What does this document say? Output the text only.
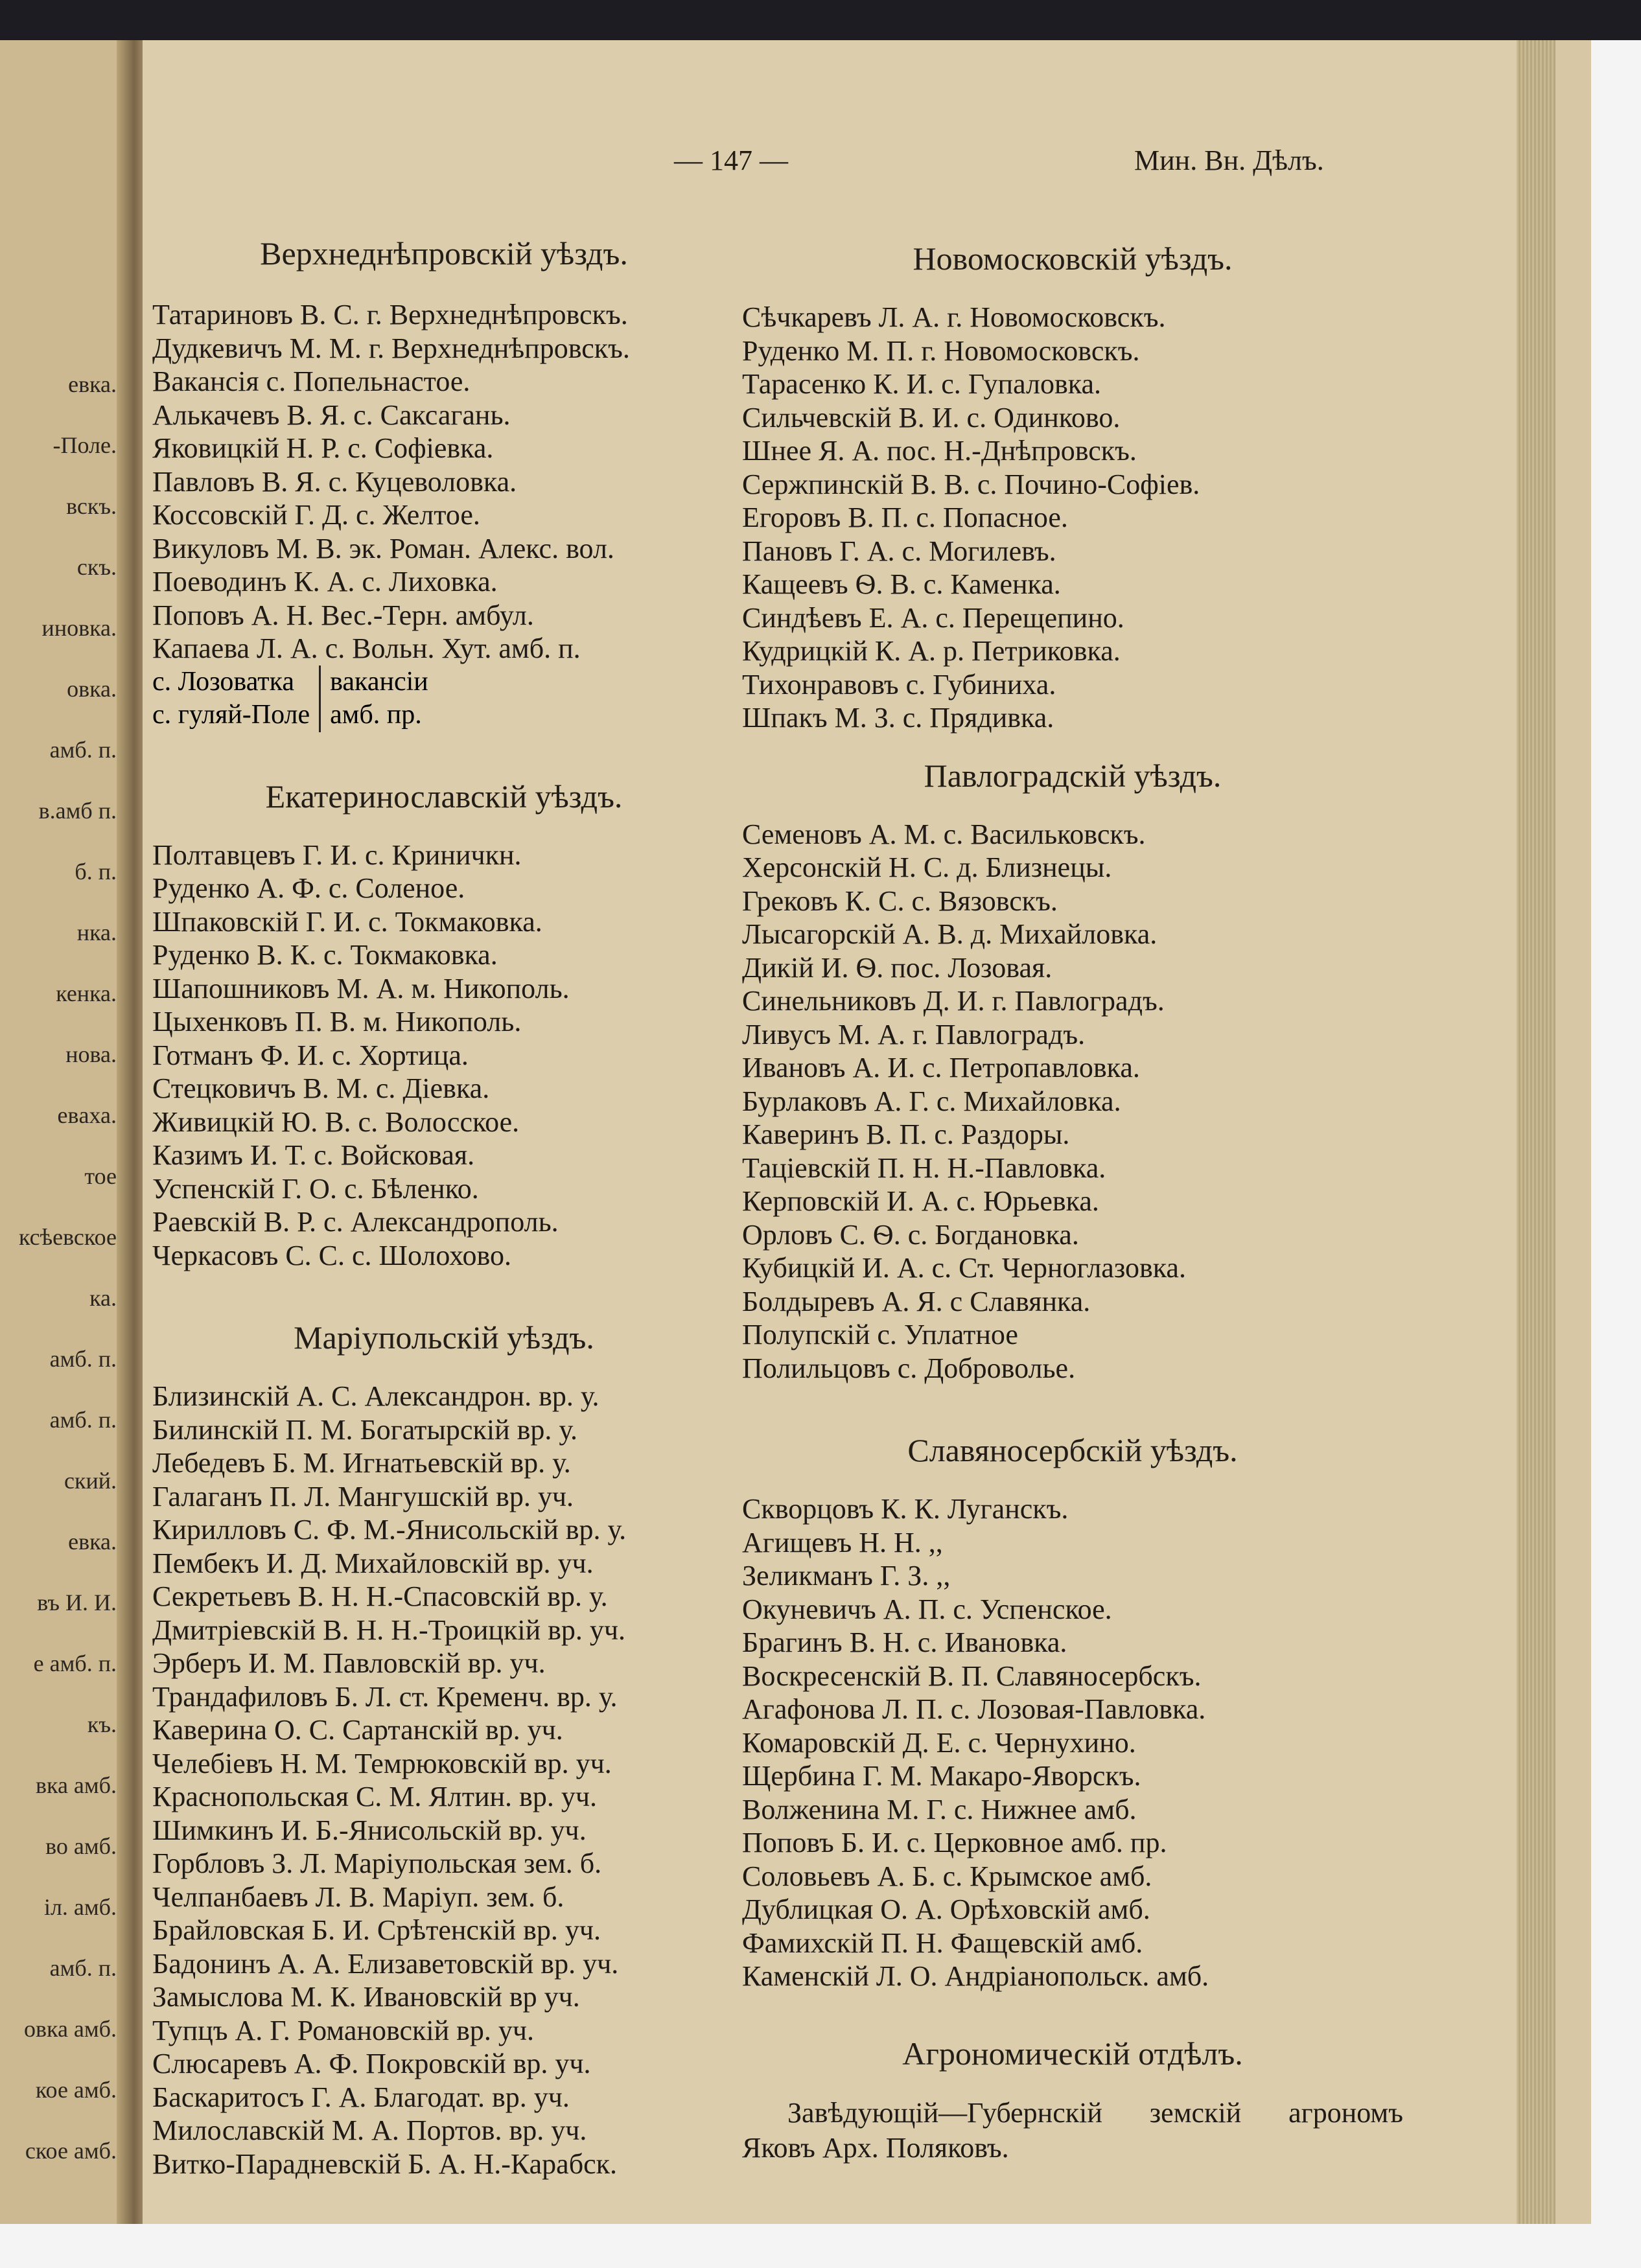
евка.
-Поле.
вскъ.
скъ.
иновка.
овка.
амб. п.
в.амб п.
б. п.
нка.
кенка.
нова.
евaха.
тое
ксѣевское
ка.
амб. п.
амб. п.
ский.
евка.
въ И. И.
е амб. п.
къ.
вка амб.
во амб.
іл. амб.
амб. п.
овка амб.
кое амб.
ское амб.
— 147 —	Мин. Вн. Дѣлъ.
Верхнеднѣпровскій уѣздъ.
Татариновъ В. С. г. Верхнеднѣпровскъ.
Дудкевичъ М. М. г. Верхнеднѣпровскъ.
Вакансія с. Попельнастое.
Алькачевъ В. Я. с. Саксагань.
Яковицкій Н. Р. с. Софіевка.
Павловъ В. Я. с. Куцеволовка.
Коссовскій Г. Д. с. Желтое.
Викуловъ М. В. эк. Роман. Алекс. вол.
Поеводинъ К. А. с. Лиховка.
Поповъ А. Н. Вес.-Терн. амбул.
Капаева Л. А. с. Вольн. Хут. амб. п.
с. Лозоватка
с. гуляй-Поле
вакансіи
амб. пр.
Екатеринославскій уѣздъ.
Полтавцевъ Г. И. с. Криничкн.
Руденко А. Ф. с. Соленое.
Шпаковскій Г. И. с. Токмаковка.
Руденко В. К. с. Токмаковка.
Шапошниковъ М. А. м. Никополь.
Цыхенковъ П. В. м. Никополь.
Готманъ Ф. И. с. Хортица.
Стецковичъ В. М. с. Діевка.
Живицкій Ю. В. с. Волосское.
Казимъ И. Т. с. Войсковая.
Успенскій Г. О. с. Бѣленко.
Раевскій В. Р. с. Александрополь.
Черкасовъ С. С. с. Шолохово.
Маріупольскій уѣздъ.
Близинскій А. С. Александрон. вр. у.
Билинскій П. М. Богатырскій вр. у.
Лебедевъ Б. М. Игнатьевскій вр. у.
Галаганъ П. Л. Мангушскій вр. уч.
Кирилловъ С. Ф. М.-Янисольскій вр. у.
Пембекъ И. Д. Михайловскій вр. уч.
Секретьевъ В. Н. Н.-Спасовскій вр. у.
Дмитріевскій В. Н. Н.-Троицкій вр. уч.
Эрберъ И. М. Павловскій вр. уч.
Трандафиловъ Б. Л. ст. Кременч. вр. у.
Каверина О. С. Сартанскій вр. уч.
Челебіевъ Н. М. Темрюковскій вр. уч.
Краснопольская С. М. Ялтин. вр. уч.
Шимкинъ И. Б.-Янисольскій вр. уч.
Горбловъ З. Л. Маріупольская зем. б.
Челпанбаевъ Л. В. Маріуп. зем. б.
Брайловская Б. И. Срѣтенскій вр. уч.
Бадонинъ А. А. Елизаветовскій вр. уч.
Замыслова М. К. Ивановскій вр уч.
Тупцъ А. Г. Романовскій вр. уч.
Слюсаревъ А. Ф. Покровскій вр. уч.
Баскаритосъ Г. А. Благодат. вр. уч.
Милославскій М. А. Портов. вр. уч.
Витко-Парадневскій Б. А. Н.-Карабск.
Новомосковскій уѣздъ.
Сѣчкаревъ Л. А. г. Новомосковскъ.
Руденко М. П. г. Новомосковскъ.
Тарасенко К. И. с. Гупаловка.
Сильчевскій В. И. с. Одинково.
Шнее Я. А. пос. Н.-Днѣпровскъ.
Сержпинскій В. В. с. Почино-Софіев.
Егоровъ В. П. с. Попасное.
Пановъ Г. А. с. Могилевъ.
Кащеевъ Ѳ. В. с. Каменка.
Синдѣевъ Е. А. с. Перещепино.
Кудрицкій К. А. р. Петриковка.
Тихонравовъ с. Губиниха.
Шпакъ М. З. с. Прядивка.
Павлоградскій уѣздъ.
Семеновъ А. М. с. Васильковскъ.
Херсонскій Н. С. д. Близнецы.
Грековъ К. С. с. Вязовскъ.
Лысагорскій А. В. д. Михайловка.
Дикій И. Ѳ. пос. Лозовая.
Синельниковъ Д. И. г. Павлоградъ.
Ливусъ М. А. г. Павлоградъ.
Ивановъ А. И. с. Петропавловка.
Бурлаковъ А. Г. с. Михайловка.
Каверинъ В. П. с. Раздоры.
Таціевскій П. Н. Н.-Павловка.
Керповскій И. А. с. Юрьевка.
Орловъ С. Ѳ. с. Богдановка.
Кубицкій И. А. с. Ст. Черноглазовка.
Болдыревъ А. Я. с Славянка.
Полупскій с. Уплатное
Полильцовъ с. Доброволье.
Славяносербскій уѣздъ.
Скворцовъ К. К. Луганскъ.
Агищевъ Н. Н. ,,
Зеликманъ Г. З. ,,
Окуневичъ А. П. с. Успенское.
Брагинъ В. Н. с. Ивановка.
Воскресенскій В. П. Славяносербскъ.
Агафонова Л. П. с. Лозовая-Павловка.
Комаровскій Д. Е. с. Чернухино.
Щербина Г. М. Макаро-Яворскъ.
Волженина М. Г. с. Нижнее амб.
Поповъ Б. И. с. Церковное амб. пр.
Соловьевъ А. Б. с. Крымское амб.
Дублицкая О. А. Орѣховскій амб.
Фамихскій П. Н. Фащевскій амб.
Каменскій Л. О. Андріанопольск. амб.
Агрономическій отдѣлъ.
Завѣдующій—Губернскій земскій агрономъ Яковъ Арх. Поляковъ.
